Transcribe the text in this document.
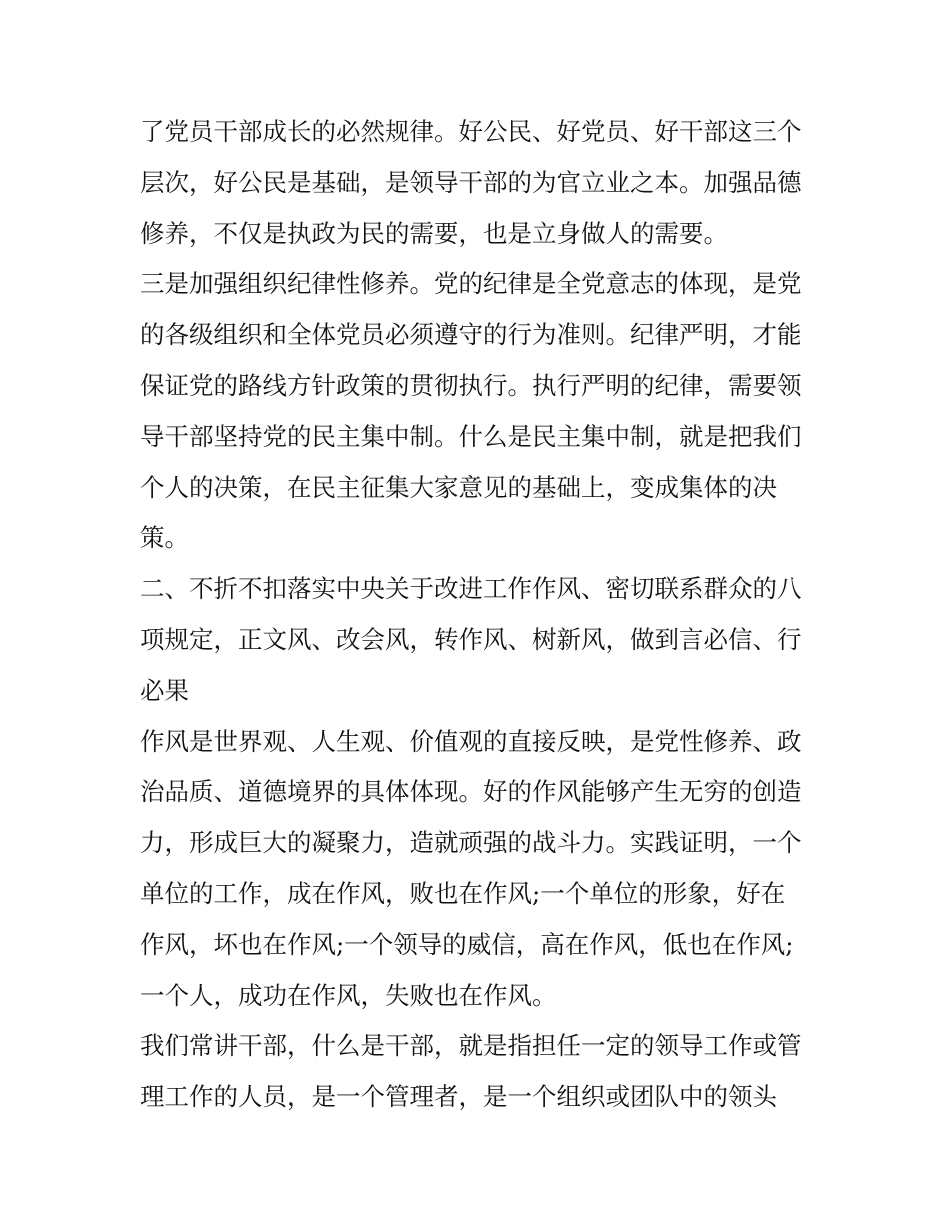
了党员干部成长的必然规律。好公民、好党员、好干部这三个
层次，好公民是基础，是领导干部的为官立业之本。加强品德
修养，不仅是执政为民的需要，也是立身做人的需要。
三是加强组织纪律性修养。党的纪律是全党意志的体现，是党
的各级组织和全体党员必须遵守的行为准则。纪律严明，才能
保证党的路线方针政策的贯彻执行。执行严明的纪律，需要领
导干部坚持党的民主集中制。什么是民主集中制，就是把我们
个人的决策，在民主征集大家意见的基础上，变成集体的决
策。
二、不折不扣落实中央关于改进工作作风、密切联系群众的八
项规定，正文风、改会风，转作风、树新风，做到言必信、行
必果
作风是世界观、人生观、价值观的直接反映，是党性修养、政
治品质、道德境界的具体体现。好的作风能够产生无穷的创造
力，形成巨大的凝聚力，造就顽强的战斗力。实践证明，一个
单位的工作，成在作风，败也在作风;一个单位的形象，好在
作风，坏也在作风;一个领导的威信，高在作风，低也在作风;
一个人，成功在作风，失败也在作风。
我们常讲干部，什么是干部，就是指担任一定的领导工作或管
理工作的人员，是一个管理者，是一个组织或团队中的领头
